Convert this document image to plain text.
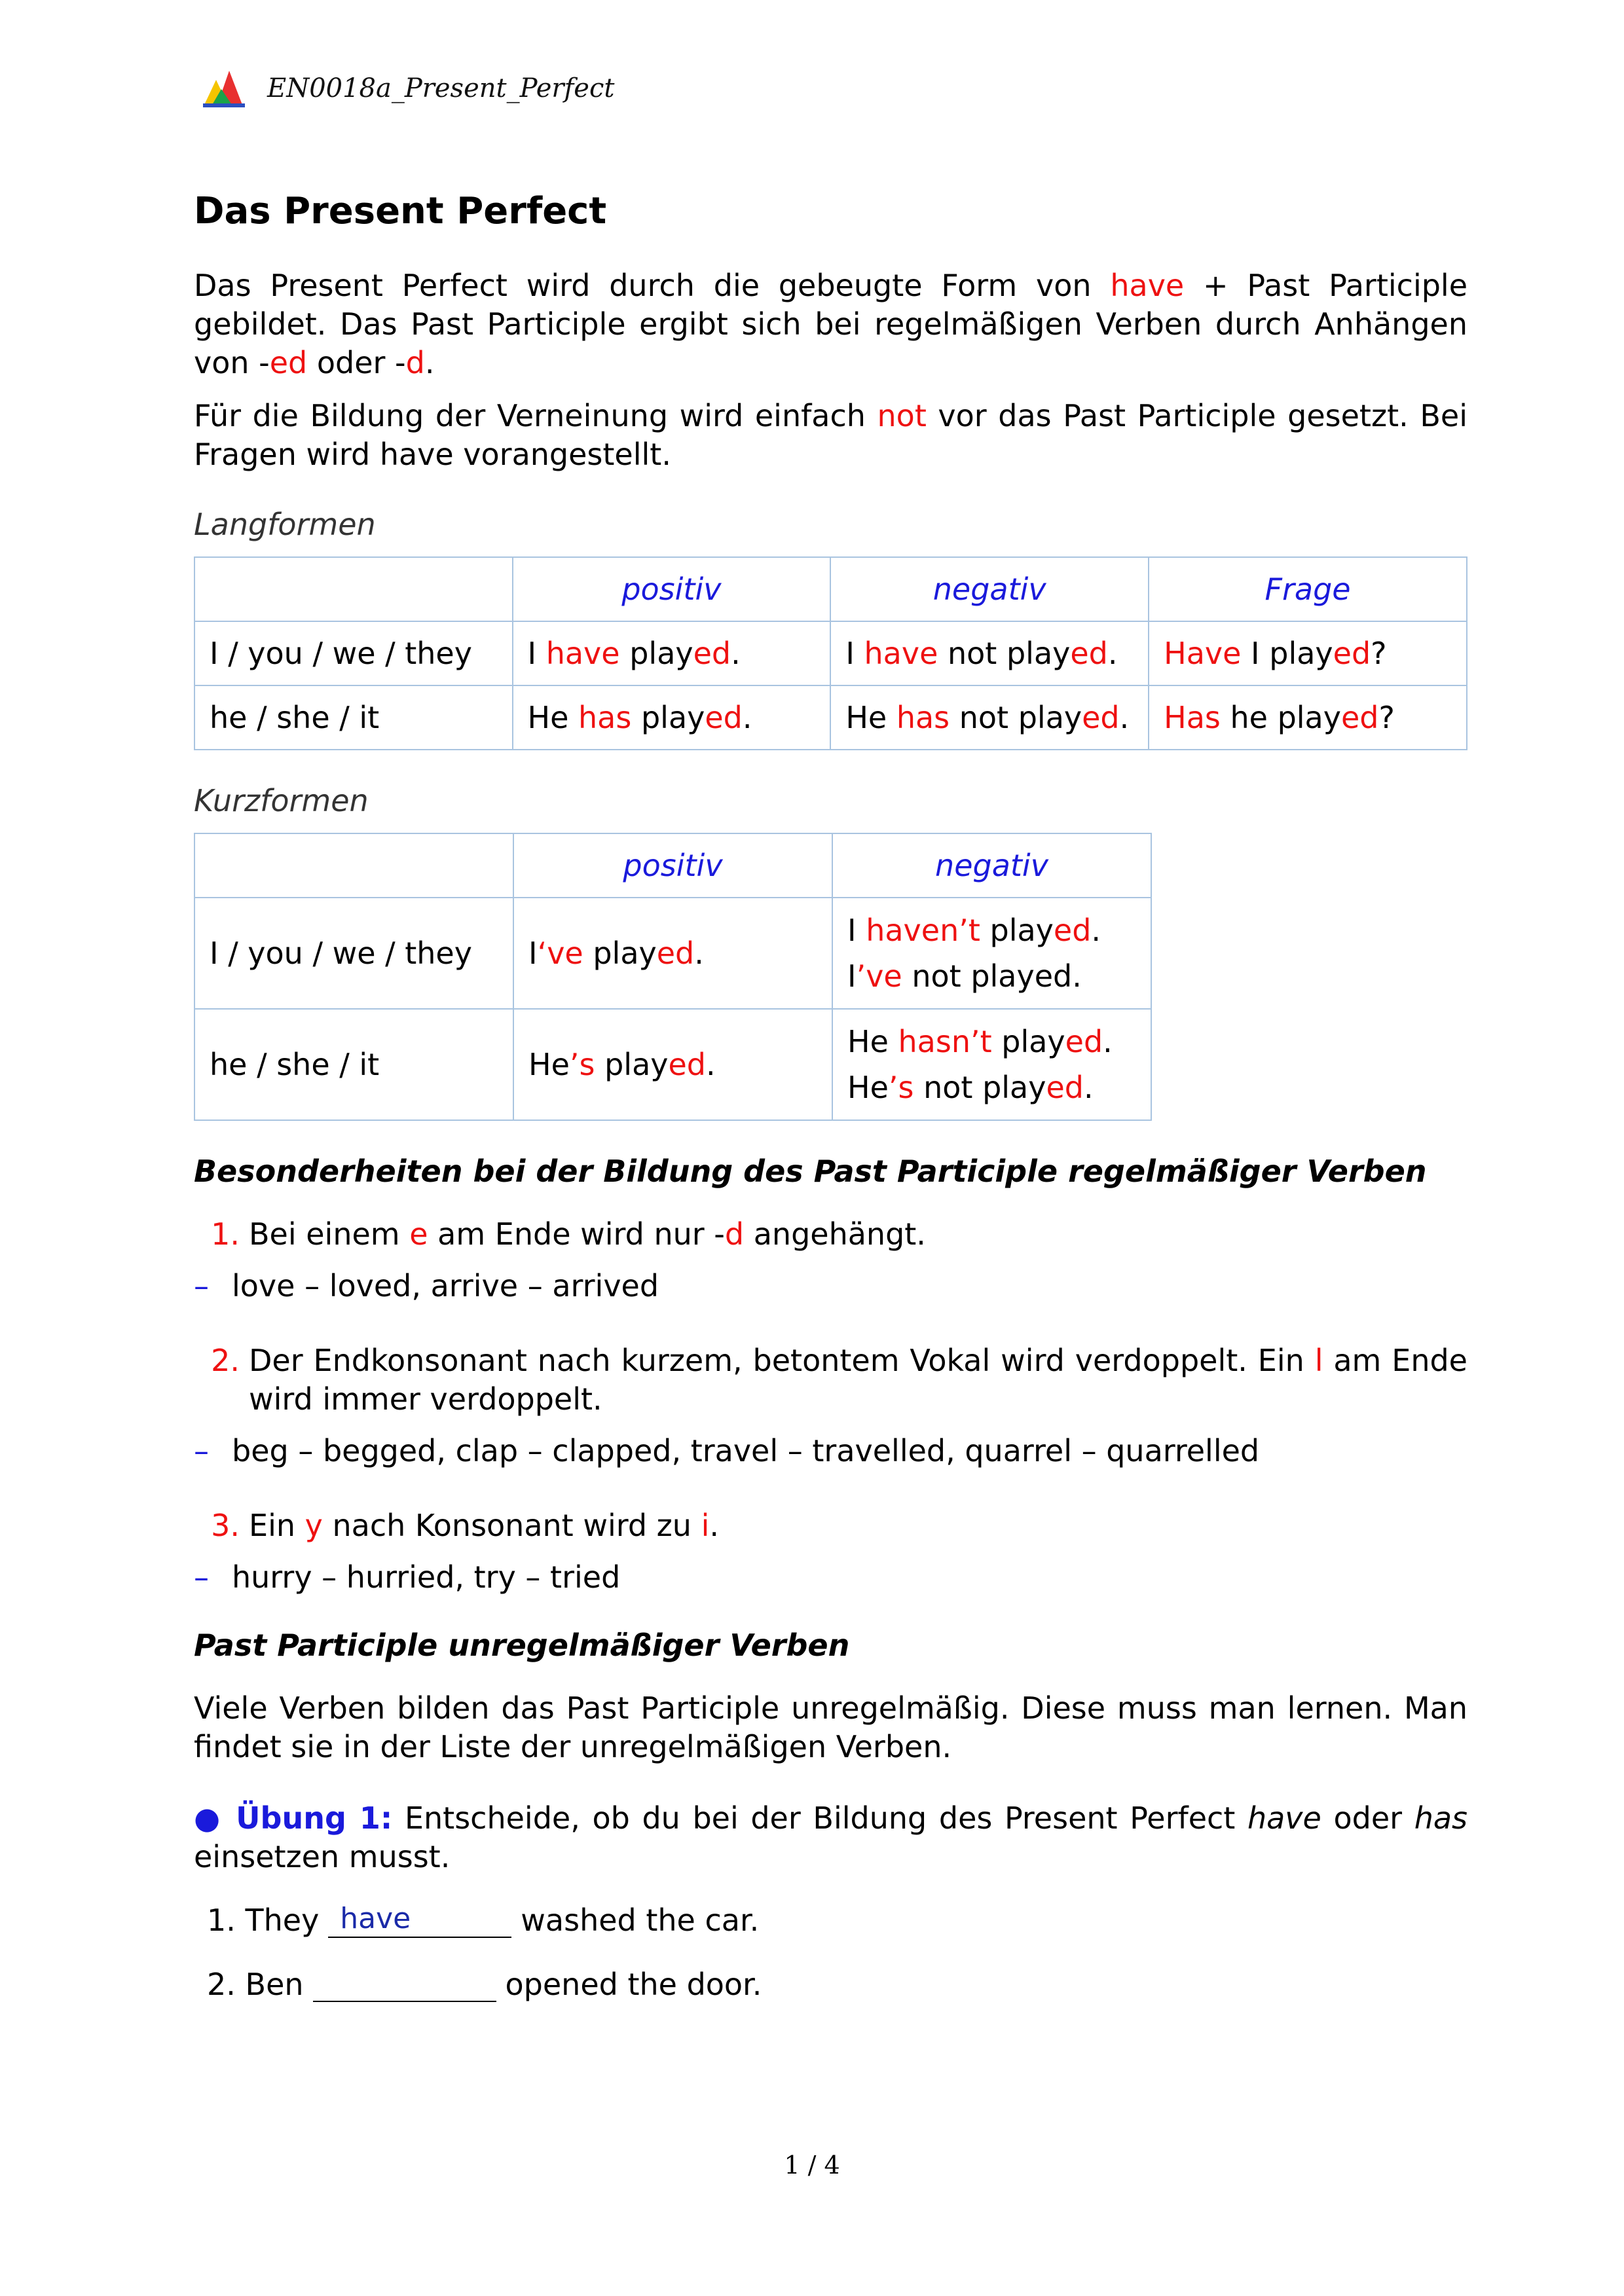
EN0018a_Present_Perfect
Das Present Perfect

Das Present Perfect wird durch die gebeugte Form von have + Past Participle gebildet. Das Past Participle ergibt sich bei regelmäßigen Verben durch Anhängen von -ed oder -d.

Für die Bildung der Verneinung wird einfach not vor das Past Participle gesetzt. Bei Fragen wird have vorangestellt.

Langformen
	positiv	negativ	Frage
I / you / we / they	I have played.	I have not played.	Have I played?
he / she / it	He has played.	He has not played.	Has he played?
Kurzformen
	positiv	negativ
I / you / we / they	I‘ve played.	I haven’t played.
I’ve not played.

he / she / it	He’s played.	He hasn’t played.
He’s not played.
Besonderheiten bei der Bildung des Past Participle regelmäßiger Verben
1. Bei einem e am Ende wird nur -d angehängt.
– love – loved, arrive – arrived
2. Der Endkonsonant nach kurzem, betontem Vokal wird verdoppelt. Ein l am Ende wird immer verdoppelt.
– beg – begged, clap – clapped, travel – travelled, quarrel – quarrelled
3. Ein y nach Konsonant wird zu i.
– hurry – hurried, try – tried
Past Participle unregelmäßiger Verben

Viele Verben bilden das Past Participle unregelmäßig. Diese muss man lernen. Man findet sie in der Liste der unregelmäßigen Verben.

● Übung 1: Entscheide, ob du bei der Bildung des Present Perfect have oder has einsetzen musst.
1.
They have	washed the car.
2.
Ben	opened the door.
1 / 4
